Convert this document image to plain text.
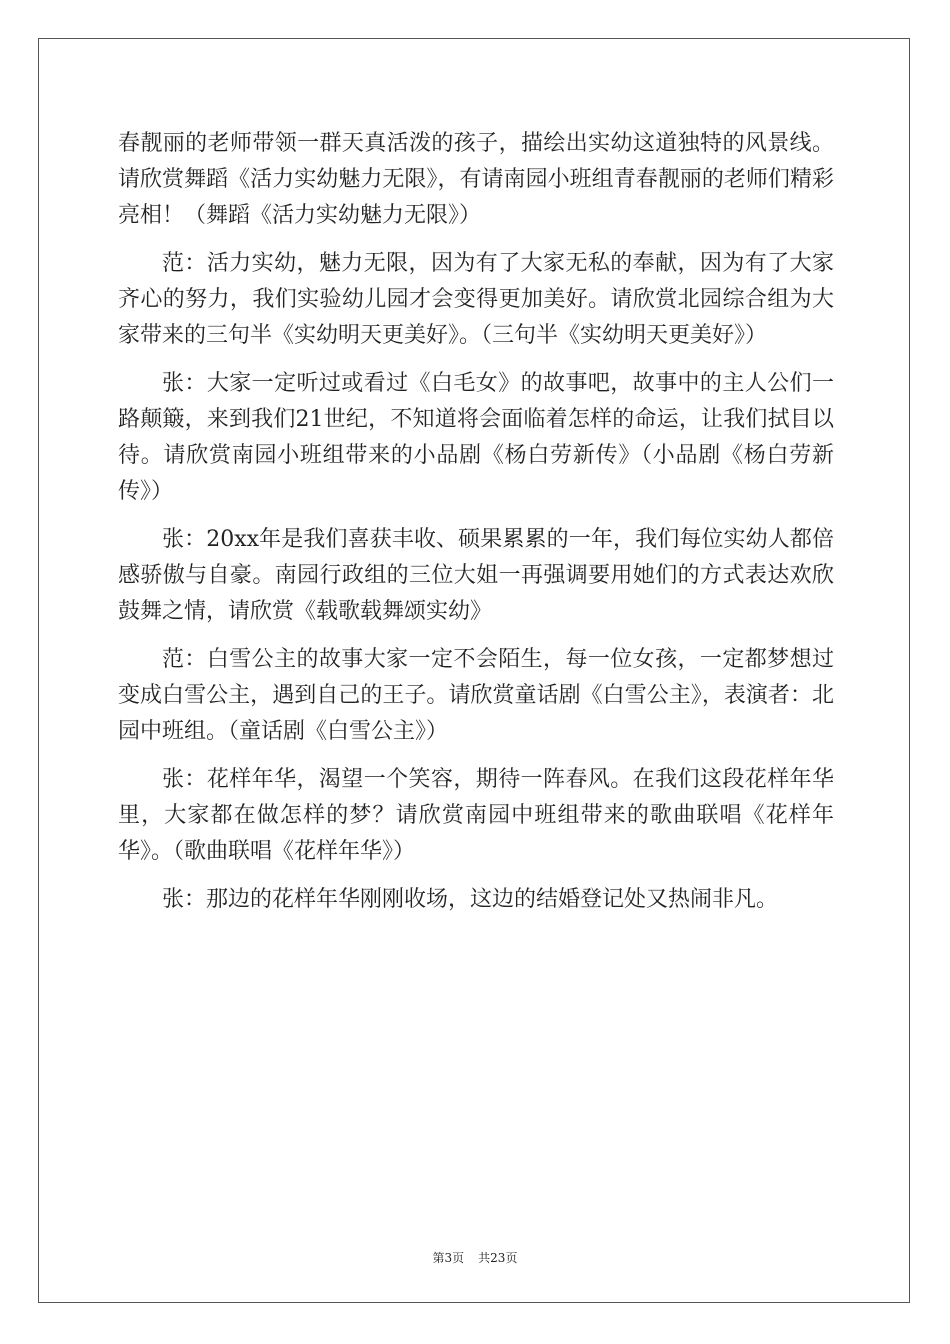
春靓丽的老师带领一群天真活泼的孩子，描绘出实幼这道独特的风景线。请欣赏舞蹈《活力实幼魅力无限》，有请南园小班组青春靓丽的老师们精彩亮相！（舞蹈《活力实幼魅力无限》）

范：活力实幼，魅力无限，因为有了大家无私的奉献，因为有了大家齐心的努力，我们实验幼儿园才会变得更加美好。请欣赏北园综合组为大家带来的三句半《实幼明天更美好》。（三句半《实幼明天更美好》）

张：大家一定听过或看过《白毛女》的故事吧，故事中的主人公们一路颠簸，来到我们21世纪，不知道将会面临着怎样的命运，让我们拭目以待。请欣赏南园小班组带来的小品剧《杨白劳新传》（小品剧《杨白劳新传》）

张：20xx年是我们喜获丰收、硕果累累的一年，我们每位实幼人都倍感骄傲与自豪。南园行政组的三位大姐一再强调要用她们的方式表达欢欣鼓舞之情，请欣赏《载歌载舞颂实幼》

范：白雪公主的故事大家一定不会陌生，每一位女孩，一定都梦想过变成白雪公主，遇到自己的王子。请欣赏童话剧《白雪公主》，表演者：北园中班组。（童话剧《白雪公主》）

张：花样年华，渴望一个笑容，期待一阵春风。在我们这段花样年华里，大家都在做怎样的梦？请欣赏南园中班组带来的歌曲联唱《花样年华》。（歌曲联唱《花样年华》）

张：那边的花样年华刚刚收场，这边的结婚登记处又热闹非凡。

第3页 共23页
